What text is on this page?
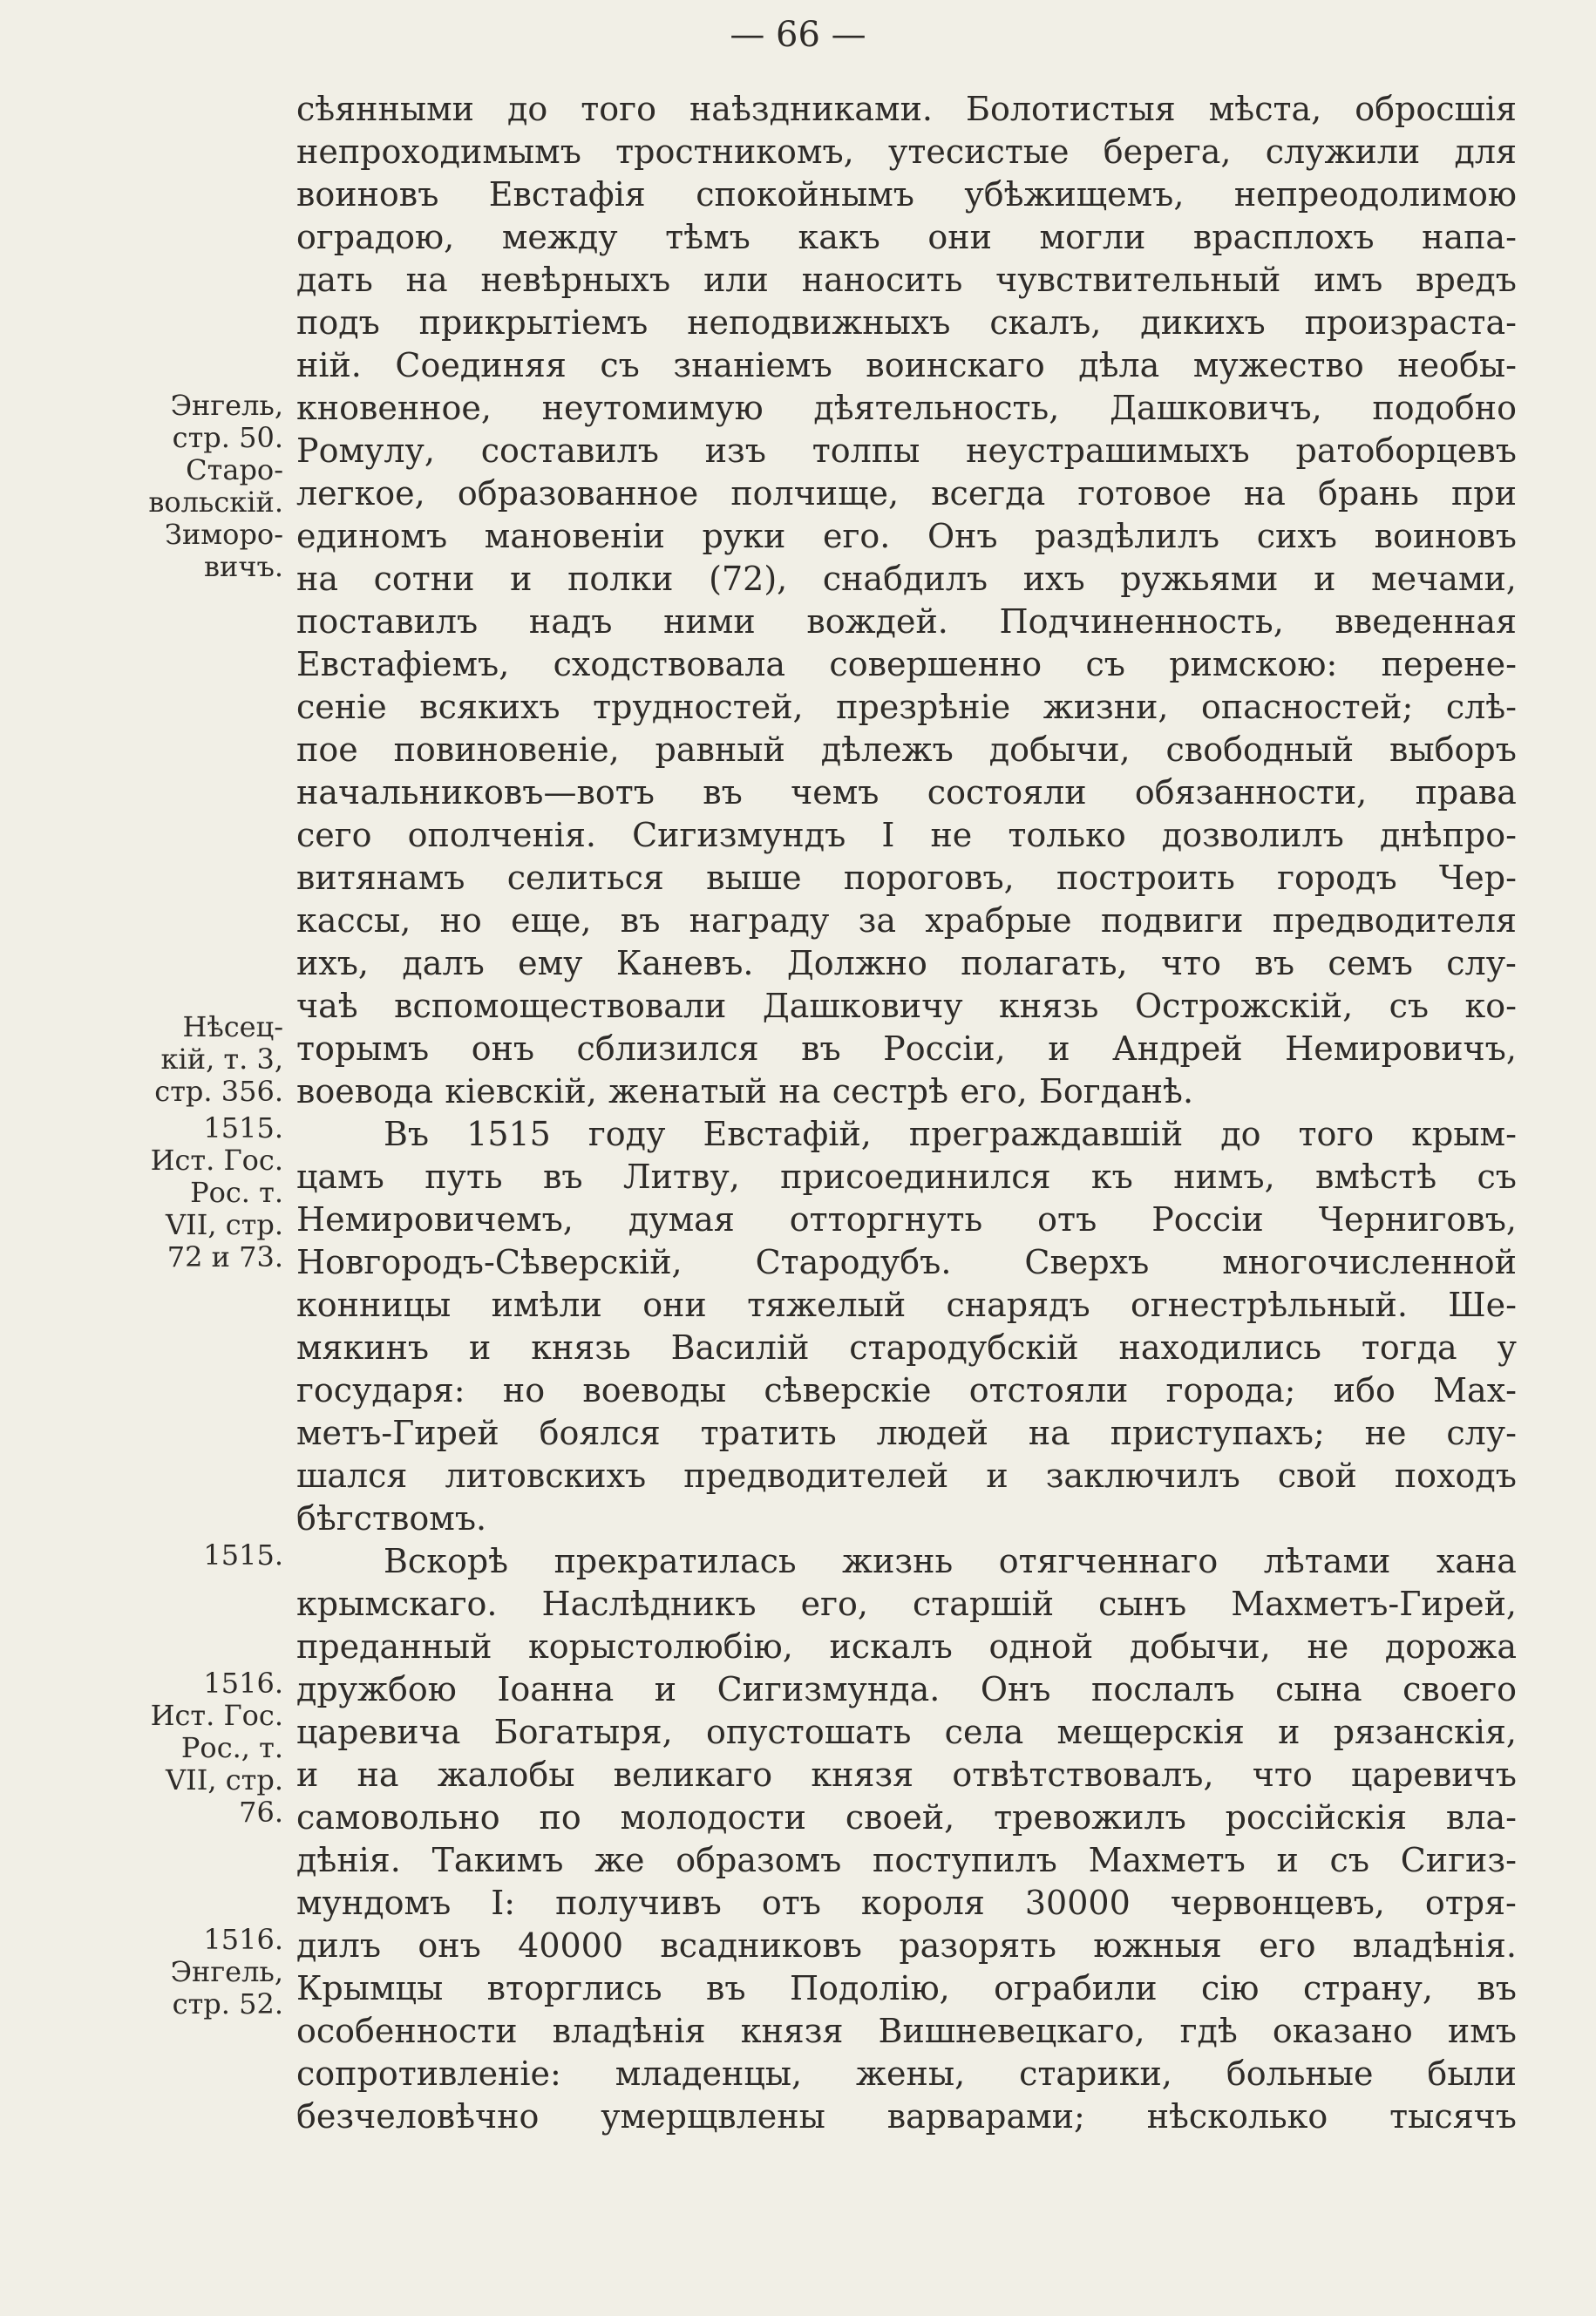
— 66 —
сѣянными до того наѣздниками. Болотистыя мѣста, обросшія
непроходимымъ тростникомъ, утесистые берега, служили для
воиновъ Евстафія спокойнымъ убѣжищемъ, непреодолимою
оградою, между тѣмъ какъ они могли врасплохъ напа-
дать на невѣрныхъ или наносить чувствительный имъ вредъ
подъ прикрытіемъ неподвижныхъ скалъ, дикихъ произраста-
ній. Соединяя съ знаніемъ воинскаго дѣла мужество необы-
кновенное, неутомимую дѣятельность, Дашковичъ, подобно
Ромулу, составилъ изъ толпы неустрашимыхъ ратоборцевъ
легкое, образованное полчище, всегда готовое на брань при
единомъ мановеніи руки его. Онъ раздѣлилъ сихъ воиновъ
на сотни и полки (72), снабдилъ ихъ ружьями и мечами,
поставилъ надъ ними вождей. Подчиненность, введенная
Евстафіемъ, сходствовала совершенно съ римскою: перене-
сеніе всякихъ трудностей, презрѣніе жизни, опасностей; слѣ-
пое повиновеніе, равный дѣлежъ добычи, свободный выборъ
начальниковъ—вотъ въ чемъ состояли обязанности, права
сего ополченія. Сигизмундъ I не только дозволилъ днѣпро-
витянамъ селиться выше пороговъ, построить городъ Чер-
кассы, но еще, въ награду за храбрые подвиги предводителя
ихъ, далъ ему Каневъ. Должно полагать, что въ семъ слу-
чаѣ вспомоществовали Дашковичу князь Острожскій, съ ко-
торымъ онъ сблизился въ Россіи, и Андрей Немировичъ,
воевода кіевскій, женатый на сестрѣ его, Богданѣ.
Въ 1515 году Евстафій, преграждавшій до того крым-
цамъ путь въ Литву, присоединился къ нимъ, вмѣстѣ съ
Немировичемъ, думая отторгнуть отъ Россіи Черниговъ,
Новгородъ-Сѣверскій, Стародубъ. Сверхъ многочисленной
конницы имѣли они тяжелый снарядъ огнестрѣльный. Ше-
мякинъ и князь Василій стародубскій находились тогда у
государя: но воеводы сѣверскіе отстояли города; ибо Мах-
метъ-Гирей боялся тратить людей на приступахъ; не слу-
шался литовскихъ предводителей и заключилъ свой походъ
бѣгствомъ.
Вскорѣ прекратилась жизнь отягченнаго лѣтами хана
крымскаго. Наслѣдникъ его, старшій сынъ Махметъ-Гирей,
преданный корыстолюбію, искалъ одной добычи, не дорожа
дружбою Іоанна и Сигизмунда. Онъ послалъ сына своего
царевича Богатыря, опустошать села мещерскія и рязанскія,
и на жалобы великаго князя отвѣтствовалъ, что царевичъ
самовольно по молодости своей, тревожилъ россійскія вла-
дѣнія. Такимъ же образомъ поступилъ Махметъ и съ Сигиз-
мундомъ I: получивъ отъ короля 30000 червонцевъ, отря-
дилъ онъ 40000 всадниковъ разорять южныя его владѣнія.
Крымцы вторглись въ Подолію, ограбили сію страну, въ
особенности владѣнія князя Вишневецкаго, гдѣ оказано имъ
сопротивленіе: младенцы, жены, старики, больные были
безчеловѣчно умерщвлены варварами; нѣсколько тысячъ
Энгель,
стр. 50.
Старо-
вольскій.
Зиморо-
вичъ.
Нѣсец-
кій, т. 3,
стр. 356.
1515.
Ист. Гос.
Рос. т.
VII, стр.
72 и 73.
1515.
1516.
Ист. Гос.
Рос., т.
VII, стр.
76.
1516.
Энгель,
стр. 52.
